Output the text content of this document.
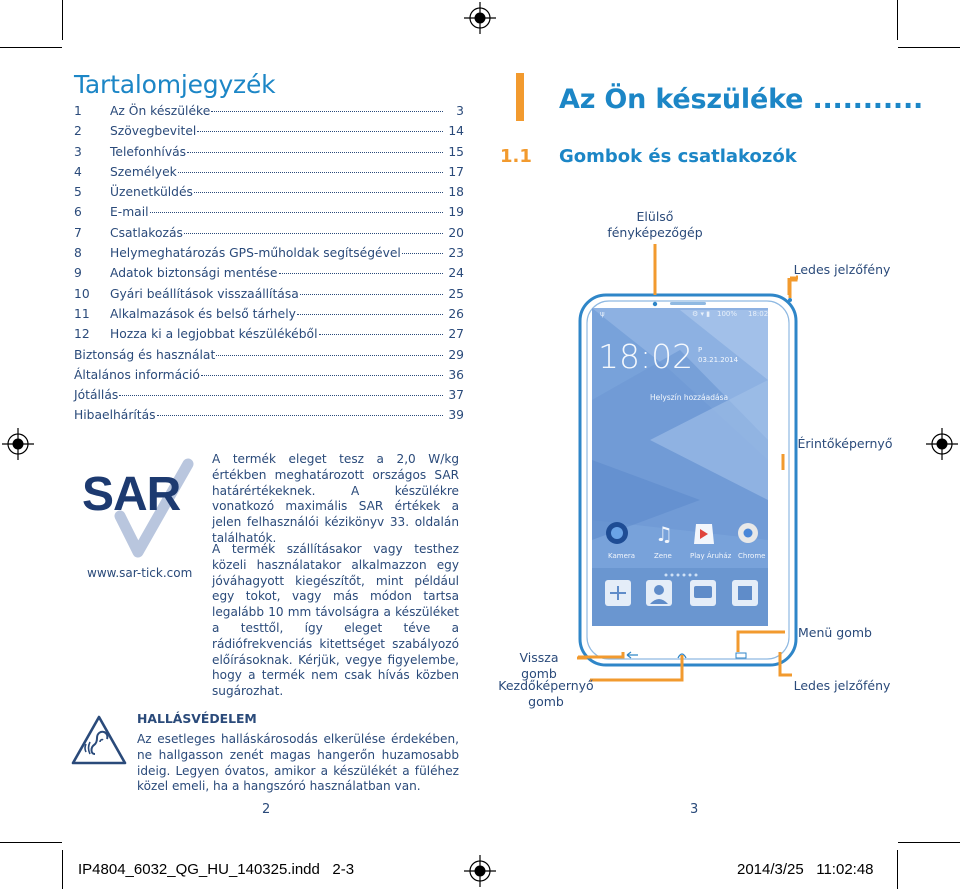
Tartalomjegyzék
1	Az Ön készüléke	3
2	Szövegbevitel	14
3	Telefonhívás	15
4	Személyek	17
5	Üzenetküldés	18
6	E-mail	19
7	Csatlakozás	20
8	Helymeghatározás GPS-műholdak segítségével	23
9	Adatok biztonsági mentése	24
10	Gyári beállítások visszaállítása	25
11	Alkalmazások és belső tárhely	26
12	Hozza ki a legjobbat készülékéből	27
Biztonság és használat	29
Általános információ	36
Jótállás	37
Hibaelhárítás	39
SAR
www.sar-tick.com
A termék eleget tesz a 2,0 W/kg értékben meghatározott országos SAR határértékeknek. A készülékre vonatkozó maximális SAR értékek a jelen felhasználói kézikönyv 33. oldalán találhatók.
A termék szállításakor vagy testhez közeli használatakor alkalmazzon egy jóváhagyott kiegészítőt, mint például egy tokot, vagy más módon tartsa legalább 10 mm távolságra a készüléket a testtől, így eleget téve a rádiófrekvenciás kitettséget szabályozó előírásoknak. Kérjük, vegye figyelembe, hogy a termék nem csak hívás közben sugározhat.
HALLÁSVÉDELEM
Az esetleges halláskárosodás elkerülése érdekében, ne hallgasson zenét magas hangerőn huzamosabb ideig. Legyen óvatos, amikor a készülékét a füléhez közel emeli, ha a hangszóró használatban van.
2
Az Ön készüléke ...........
1.1 Gombok és csatlakozók
♫
Kamera	Zene	Play Áruház Chrome
ψ	⚙ ▾ ▮ 100% 18:02
18:02 P
03.21.2014
Helyszín hozzáadása
Elülső
fényképezőgép
Ledes jelzőfény
Érintőképernyő
Menü gomb
Vissza gomb
Kezdőképernyő
gomb
Ledes jelzőfény
3
IP4804_6032_QG_HU_140325.indd   2-3	2014/3/25   11:02:48
